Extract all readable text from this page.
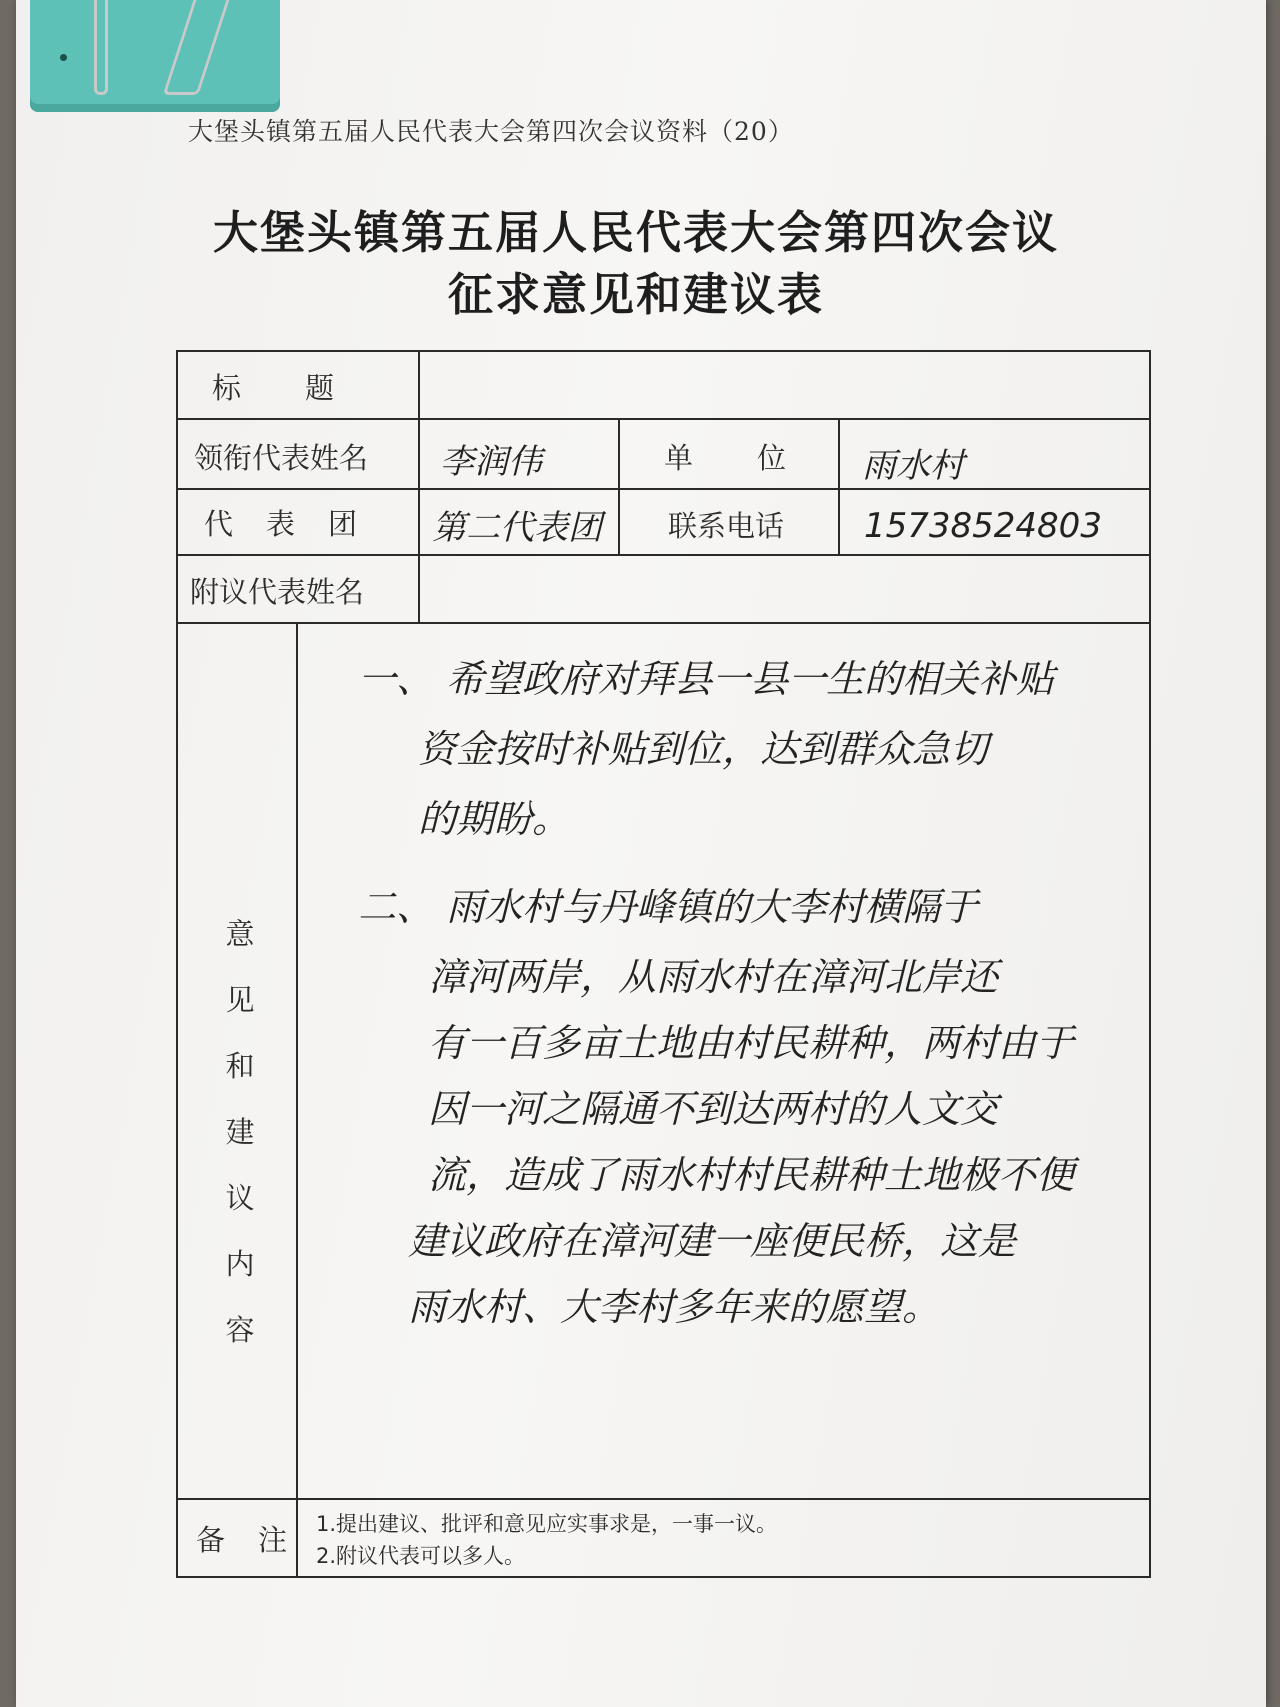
大堡头镇第五届人民代表大会第四次会议资料（20）
大堡头镇第五届人民代表大会第四次会议
征求意见和建议表
标　　题
领衔代表姓名 李润伟	单　　位 雨水村
代　表　团 第二代表团 联系电话 15738524803
附议代表姓名
意
见
和
建
议
内
容
一、 希望政府对拜县一县一生的相关补贴
资金按时补贴到位，达到群众急切
的期盼。
二、 雨水村与丹峰镇的大李村横隔于
漳河两岸，从雨水村在漳河北岸还
有一百多亩土地由村民耕种，两村由于
因一河之隔通不到达两村的人文交
流，造成了雨水村村民耕种土地极不便
建议政府在漳河建一座便民桥，这是
雨水村、大李村多年来的愿望。
备　注 1.提出建议、批评和意见应实事求是，一事一议。
2.附议代表可以多人。
